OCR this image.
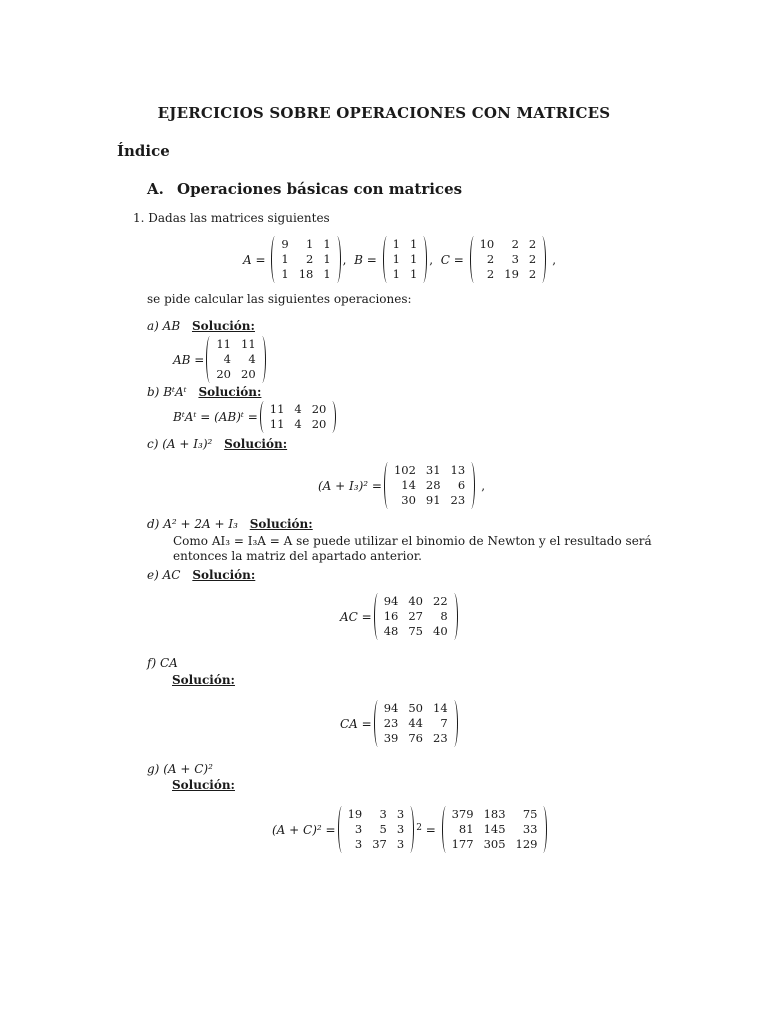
EJERCICIOS SOBRE OPERACIONES CON MATRICES
Índice
A. Operaciones básicas con matrices
1. Dadas las matrices siguientes
A =
9	1 1
1	2 1
1 18 1
,  B =
1 1
1 1
1 1
,  C =
10	2 2
2	3 2
2 19 2
,
se pide calcular las siguientes operaciones:
a) AB Solución:
AB =
11 11
4	4
20 20
b) BᵗAᵗ Solución:
BᵗAᵗ = (AB)ᵗ =
11 4 20
11 4 20
c) (A + I₃)² Solución:
(A + I₃)² =
102 31 13
14 28	6
30 91 23
,
d) A² + 2A + I₃ Solución:
Como AI₃ = I₃A = A se puede utilizar el binomio de Newton y el resultado será
entonces la matriz del apartado anterior.
e) AC Solución:
AC =
94 40 22
16 27	8
48 75 40
f) CA
Solución:
CA =
94 50 14
23 44	7
39 76 23
g) (A + C)²
Solución:
(A + C)² =
19	3 3
3	5 3
3 37 3
2 =
379 183	75
81 145	33
177 305 129
